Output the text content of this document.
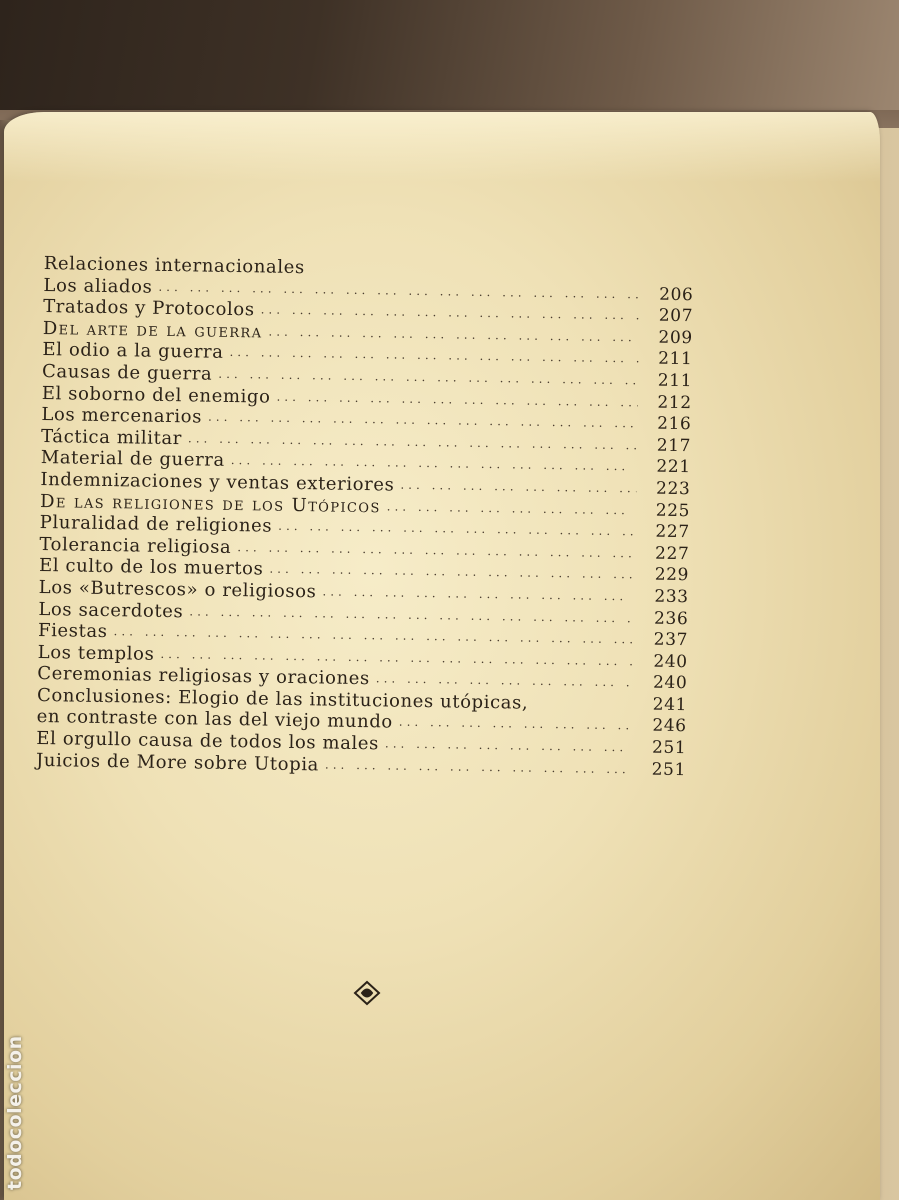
Relaciones internacionales
Los aliados ... .	206
Tratados y Protocolos ... .	207
Del arte de la guerra ... .	209
El odio a la guerra ... .	211
Causas de guerra ... .	211
El soborno del enemigo ... .	212
Los mercenarios ... .	216
Táctica militar ... .	217
Material de guerra ... .	221
Indemnizaciones y ventas exteriores ... .	223
De las religiones de los Utópicos ... .	225
Pluralidad de religiones ... .	227
Tolerancia religiosa ... .	227
El culto de los muertos ... .	229
Los «Butrescos» o religiosos ... .	233
Los sacerdotes ... .	236
Fiestas ... .	237
Los templos ... .	240
Ceremonias religiosas y oraciones ... .	240
Conclusiones: Elogio de las instituciones utópicas,	241
en contraste con las del viejo mundo ... .	246
El orgullo causa de todos los males ... .	251
Juicios de More sobre Utopia ... .	251
todocoleccion
